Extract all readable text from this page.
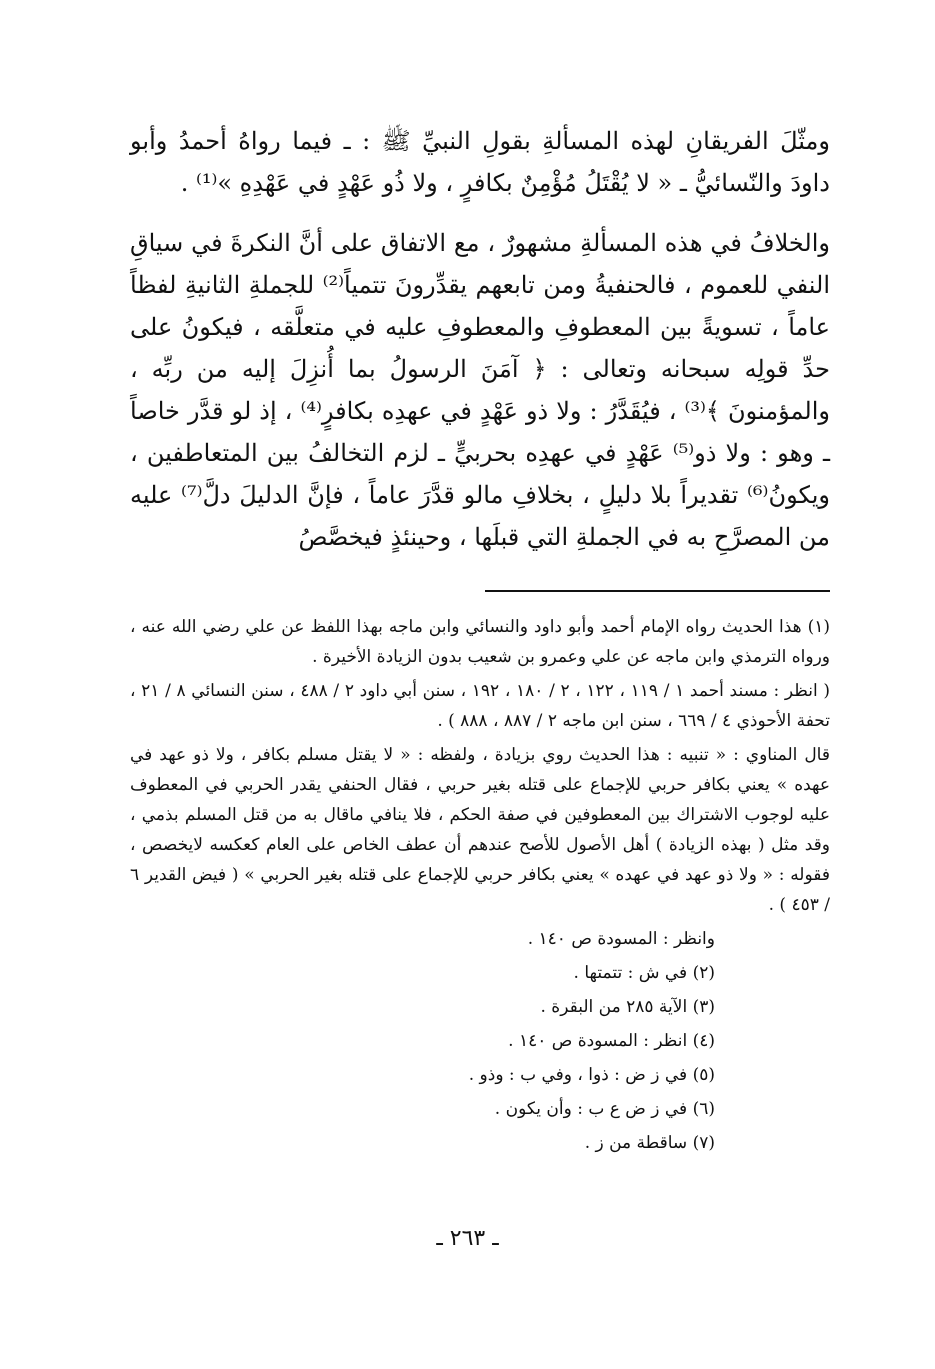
ومثّلَ الفريقانِ لهذه المسألةِ بقولِ النبيِّ ﷺ : ـ فيما رواهُ أحمدُ وأبو داودَ والنّسائيُّ ـ « لا يُقْتَلُ مُؤْمِنٌ بكافرٍ ، ولا ذُو عَهْدٍ في عَهْدِهِ »⁽¹⁾ .

والخلافُ في هذه المسألةِ مشهورٌ ، مع الاتفاق على أنَّ النكرةَ في سياقِ النفي للعموم ، فالحنفيةُ ومن تابعهم يقدِّرونَ تتمياً⁽²⁾ للجملةِ الثانيةِ لفظاً عاماً ، تسويةً بين المعطوفِ والمعطوفِ عليه في متعلَّقه ، فيكونُ على حدِّ قولِه سبحانه وتعالى : ﴿ آمَنَ الرسولُ بما أُنزِلَ إليه من ربِّه ، والمؤمنونَ ﴾⁽³⁾ ، فيُقَدَّرُ : ولا ذو عَهْدٍ في عهدِه بكافرٍ⁽⁴⁾ ، إذ لو قدَّر خاصاً ـ وهو : ولا ذو⁽⁵⁾ عَهْدٍ في عهدِه بحربيٍّ ـ لزم التخالفُ بين المتعاطفين ، ويكونُ⁽⁶⁾ تقديراً بلا دليلٍ ، بخلافِ مالو قدَّرَ عاماً ، فإنَّ الدليلَ دلَّ⁽⁷⁾ عليه من المصرَّحِ به في الجملةِ التي قبلَها ، وحينئذٍ فيخصَّصُ

(١) هذا الحديث رواه الإمام أحمد وأبو داود والنسائي وابن ماجه بهذا اللفظ عن علي رضي الله عنه ، ورواه الترمذي وابن ماجه عن علي وعمرو بن شعيب بدون الزيادة الأخيرة .

( انظر : مسند أحمد ١ / ١١٩ ، ١٢٢ ، ٢ / ١٨٠ ، ١٩٢ ، سنن أبي داود ٢ / ٤٨٨ ، سنن النسائي ٨ / ٢١ ، تحفة الأحوذي ٤ / ٦٦٩ ، سنن ابن ماجه ٢ / ٨٨٧ ، ٨٨٨ ) .

قال المناوي : « تنبيه : هذا الحديث روي بزيادة ، ولفظه : « لا يقتل مسلم بكافر ، ولا ذو عهد في عهده » يعني بكافر حربي للإجماع على قتله بغير حربي ، فقال الحنفي يقدر الحربي في المعطوف عليه لوجوب الاشتراك بين المعطوفين في صفة الحكم ، فلا ينافي ماقال به من قتل المسلم بذمي ، وقد مثل ( بهذه الزيادة ) أهل الأصول للأصح عندهم أن عطف الخاص على العام كعكسه لايخصص ، فقوله : « ولا ذو عهد في عهده » يعني بكافر حربي للإجماع على قتله بغير الحربي » ( فيض القدير ٦ / ٤٥٣ ) .

وانظر : المسودة ص ١٤٠ .

(٢) في ش : تتمتها .

(٣) الآية ٢٨٥ من البقرة .

(٤) انظر : المسودة ص ١٤٠ .

(٥) في ز ض : ذوا ، وفي ب : وذو .

(٦) في ز ض ع ب : وأن يكون .

(٧) ساقطة من ز .

ـ ٢٦٣ ـ
